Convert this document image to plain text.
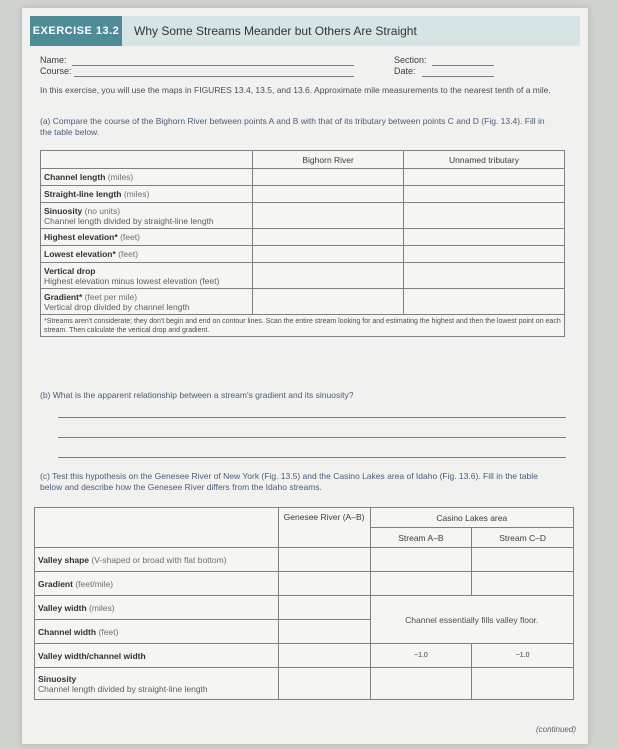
EXERCISE 13.2 Why Some Streams Meander but Others Are Straight
Name:	Section:
Course:	Date:
In this exercise, you will use the maps in FIGURES 13.4, 13.5, and 13.6. Approximate mile measurements to the nearest tenth of a mile.
(a) Compare the course of the Bighorn River between points A and B with that of its tributary between points C and D (Fig. 13.4). Fill in the table below.
	Bighorn River	Unnamed tributary
Channel length (miles)		
Straight-line length (miles)		
Sinuosity (no units)
Channel length divided by straight-line length		

Highest elevation* (feet)		
Lowest elevation* (feet)		
Vertical drop
Highest elevation minus lowest elevation (feet)		

Gradient* (feet per mile)
Vertical drop divided by channel length		

*Streams aren't considerate; they don't begin and end on contour lines. Scan the entire stream looking for and estimating the highest and then the lowest point on each stream. Then calculate the vertical drop and gradient.		
(b) What is the apparent relationship between a stream's gradient and its sinuosity?
(c) Test this hypothesis on the Genesee River of New York (Fig. 13.5) and the Casino Lakes area of Idaho (Fig. 13.6). Fill in the table below and describe how the Genesee River differs from the Idaho streams.
	Genesee River (A–B)	Casino Lakes area	
		Stream A–B	Stream C–D
Valley shape (V-shaped or broad with flat bottom)			
Gradient (feet/mile)			
Valley width (miles)		Channel essentially fills valley floor.	
Channel width (feet)			
Valley width/channel width		~1.0	~1.0
Sinuosity
Channel length divided by straight-line length			

(continued)
